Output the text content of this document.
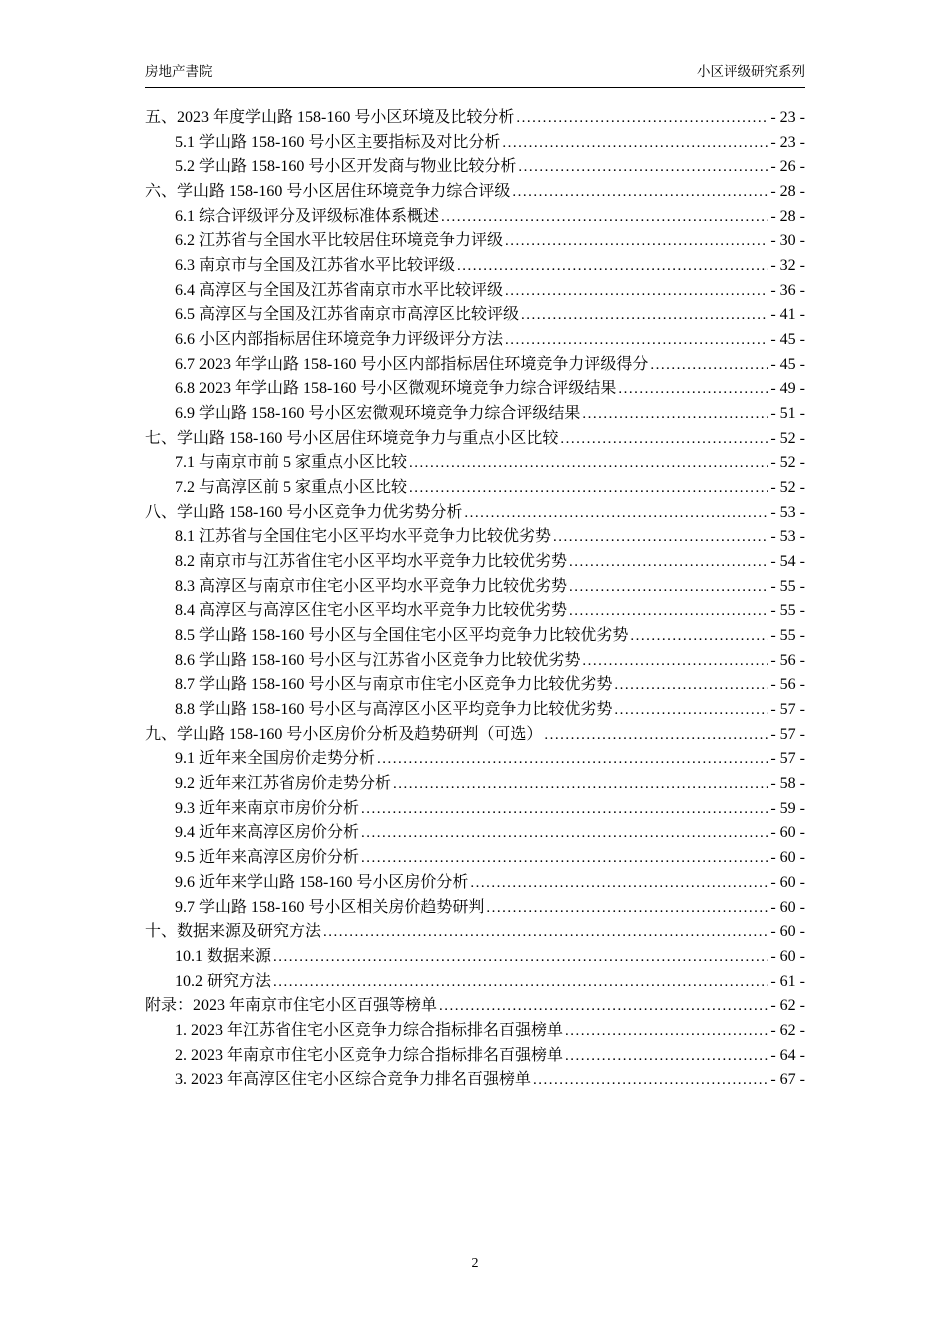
房地产書院	小区评级研究系列
五、2023 年度学山路 158-160 号小区环境及比较分析 .....	- 23 -
5.1 学山路 158-160 号小区主要指标及对比分析 .....	- 23 -
5.2 学山路 158-160 号小区开发商与物业比较分析 .....	- 26 -
六、学山路 158-160 号小区居住环境竞争力综合评级 .....	- 28 -
6.1 综合评级评分及评级标准体系概述 .....	- 28 -
6.2 江苏省与全国水平比较居住环境竞争力评级 .....	- 30 -
6.3 南京市与全国及江苏省水平比较评级 .....	- 32 -
6.4 高淳区与全国及江苏省南京市水平比较评级 .....	- 36 -
6.5 高淳区与全国及江苏省南京市高淳区比较评级 .....	- 41 -
6.6 小区内部指标居住环境竞争力评级评分方法 .....	- 45 -
6.7 2023 年学山路 158-160 号小区内部指标居住环境竞争力评级得分 .....	- 45 -
6.8 2023 年学山路 158-160 号小区微观环境竞争力综合评级结果 .....	- 49 -
6.9 学山路 158-160 号小区宏微观环境竞争力综合评级结果 .....	- 51 -
七、学山路 158-160 号小区居住环境竞争力与重点小区比较 .....	- 52 -
7.1 与南京市前 5 家重点小区比较 .....	- 52 -
7.2 与高淳区前 5 家重点小区比较 .....	- 52 -
八、学山路 158-160 号小区竞争力优劣势分析 .....	- 53 -
8.1 江苏省与全国住宅小区平均水平竞争力比较优劣势 .....	- 53 -
8.2 南京市与江苏省住宅小区平均水平竞争力比较优劣势 .....	- 54 -
8.3 高淳区与南京市住宅小区平均水平竞争力比较优劣势 .....	- 55 -
8.4 高淳区与高淳区住宅小区平均水平竞争力比较优劣势 .....	- 55 -
8.5 学山路 158-160 号小区与全国住宅小区平均竞争力比较优劣势 .....	- 55 -
8.6 学山路 158-160 号小区与江苏省小区竞争力比较优劣势 .....	- 56 -
8.7 学山路 158-160 号小区与南京市住宅小区竞争力比较优劣势 .....	- 56 -
8.8 学山路 158-160 号小区与高淳区小区平均竞争力比较优劣势 .....	- 57 -
九、学山路 158-160 号小区房价分析及趋势研判（可选） .....	- 57 -
9.1 近年来全国房价走势分析 .....	- 57 -
9.2 近年来江苏省房价走势分析 .....	- 58 -
9.3 近年来南京市房价分析 .....	- 59 -
9.4 近年来高淳区房价分析 .....	- 60 -
9.5 近年来高淳区房价分析 .....	- 60 -
9.6 近年来学山路 158-160 号小区房价分析 .....	- 60 -
9.7 学山路 158-160 号小区相关房价趋势研判 .....	- 60 -
十、数据来源及研究方法 .....	- 60 -
10.1 数据来源 .....	- 60 -
10.2 研究方法 .....	- 61 -
附录：2023 年南京市住宅小区百强等榜单 .....	- 62 -
1. 2023 年江苏省住宅小区竞争力综合指标排名百强榜单 .....	- 62 -
2. 2023 年南京市住宅小区竞争力综合指标排名百强榜单 .....	- 64 -
3. 2023 年高淳区住宅小区综合竞争力排名百强榜单 .....	- 67 -
2
